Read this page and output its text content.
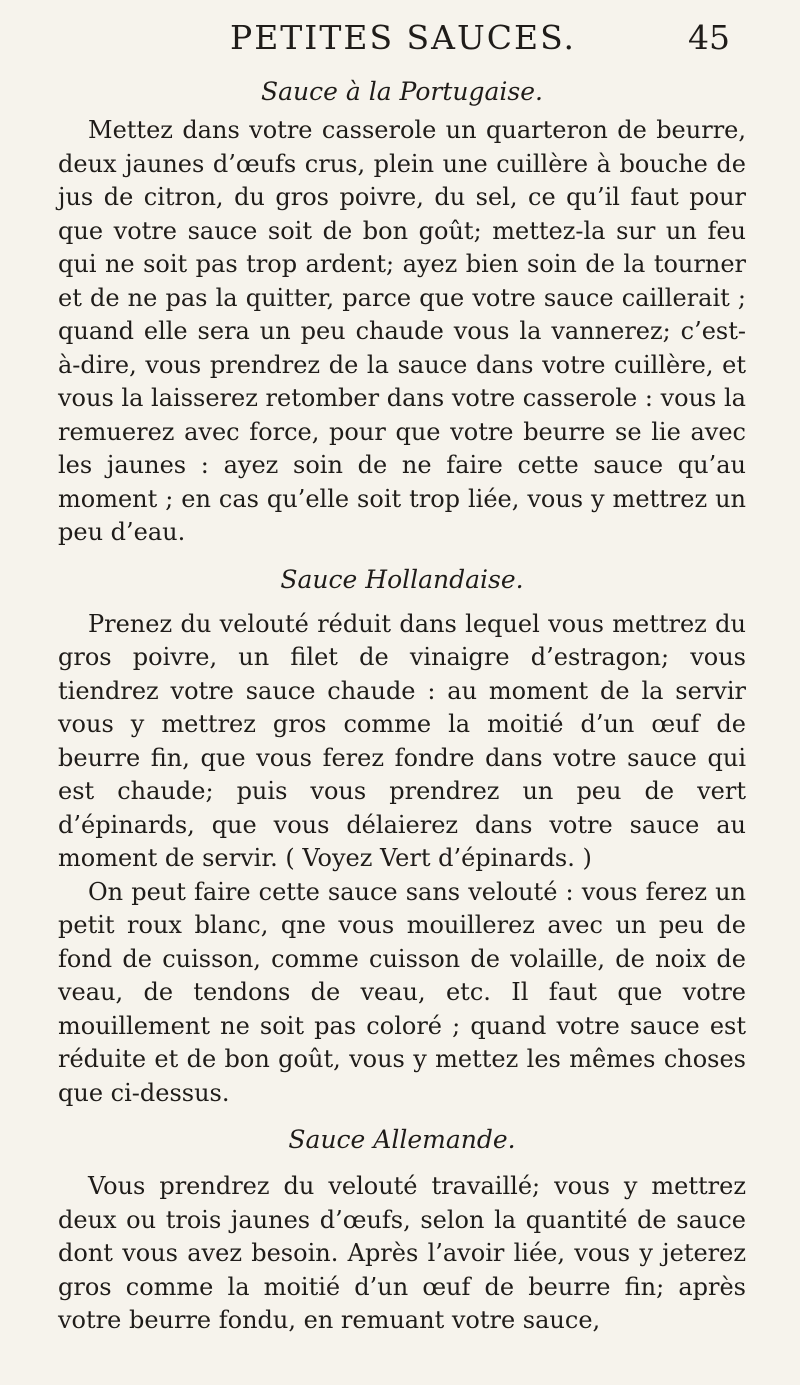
PETITES SAUCES.	45
Sauce à la Portugaise.

Mettez dans votre casserole un quarteron de beurre, deux jaunes d’œufs crus, plein une cuillère à bouche de jus de citron, du gros poivre, du sel, ce qu’il faut pour que votre sauce soit de bon goût; mettez-la sur un feu qui ne soit pas trop ardent; ayez bien soin de la tourner et de ne pas la quitter, parce que votre sauce caillerait ; quand elle sera un peu chaude vous la vannerez; c’est-à-dire, vous prendrez de la sauce dans votre cuillère, et vous la laisserez retomber dans votre casserole : vous la remuerez avec force, pour que votre beurre se lie avec les jaunes : ayez soin de ne faire cette sauce qu’au moment ; en cas qu’elle soit trop liée, vous y mettrez un peu d’eau.

Sauce Hollandaise.

Prenez du velouté réduit dans lequel vous mettrez du gros poivre, un filet de vinaigre d’estragon; vous tiendrez votre sauce chaude : au moment de la servir vous y mettrez gros comme la moitié d’un œuf de beurre fin, que vous ferez fondre dans votre sauce qui est chaude; puis vous prendrez un peu de vert d’épinards, que vous délaierez dans votre sauce au moment de servir. ( Voyez Vert d’épinards. )

On peut faire cette sauce sans velouté : vous ferez un petit roux blanc, qne vous mouillerez avec un peu de fond de cuisson, comme cuisson de volaille, de noix de veau, de tendons de veau, etc. Il faut que votre mouillement ne soit pas coloré ; quand votre sauce est réduite et de bon goût, vous y mettez les mêmes choses que ci-dessus.

Sauce Allemande.

Vous prendrez du velouté travaillé; vous y mettrez deux ou trois jaunes d’œufs, selon la quantité de sauce dont vous avez besoin. Après l’avoir liée, vous y jeterez gros comme la moitié d’un œuf de beurre fin; après votre beurre fondu, en remuant votre sauce,
